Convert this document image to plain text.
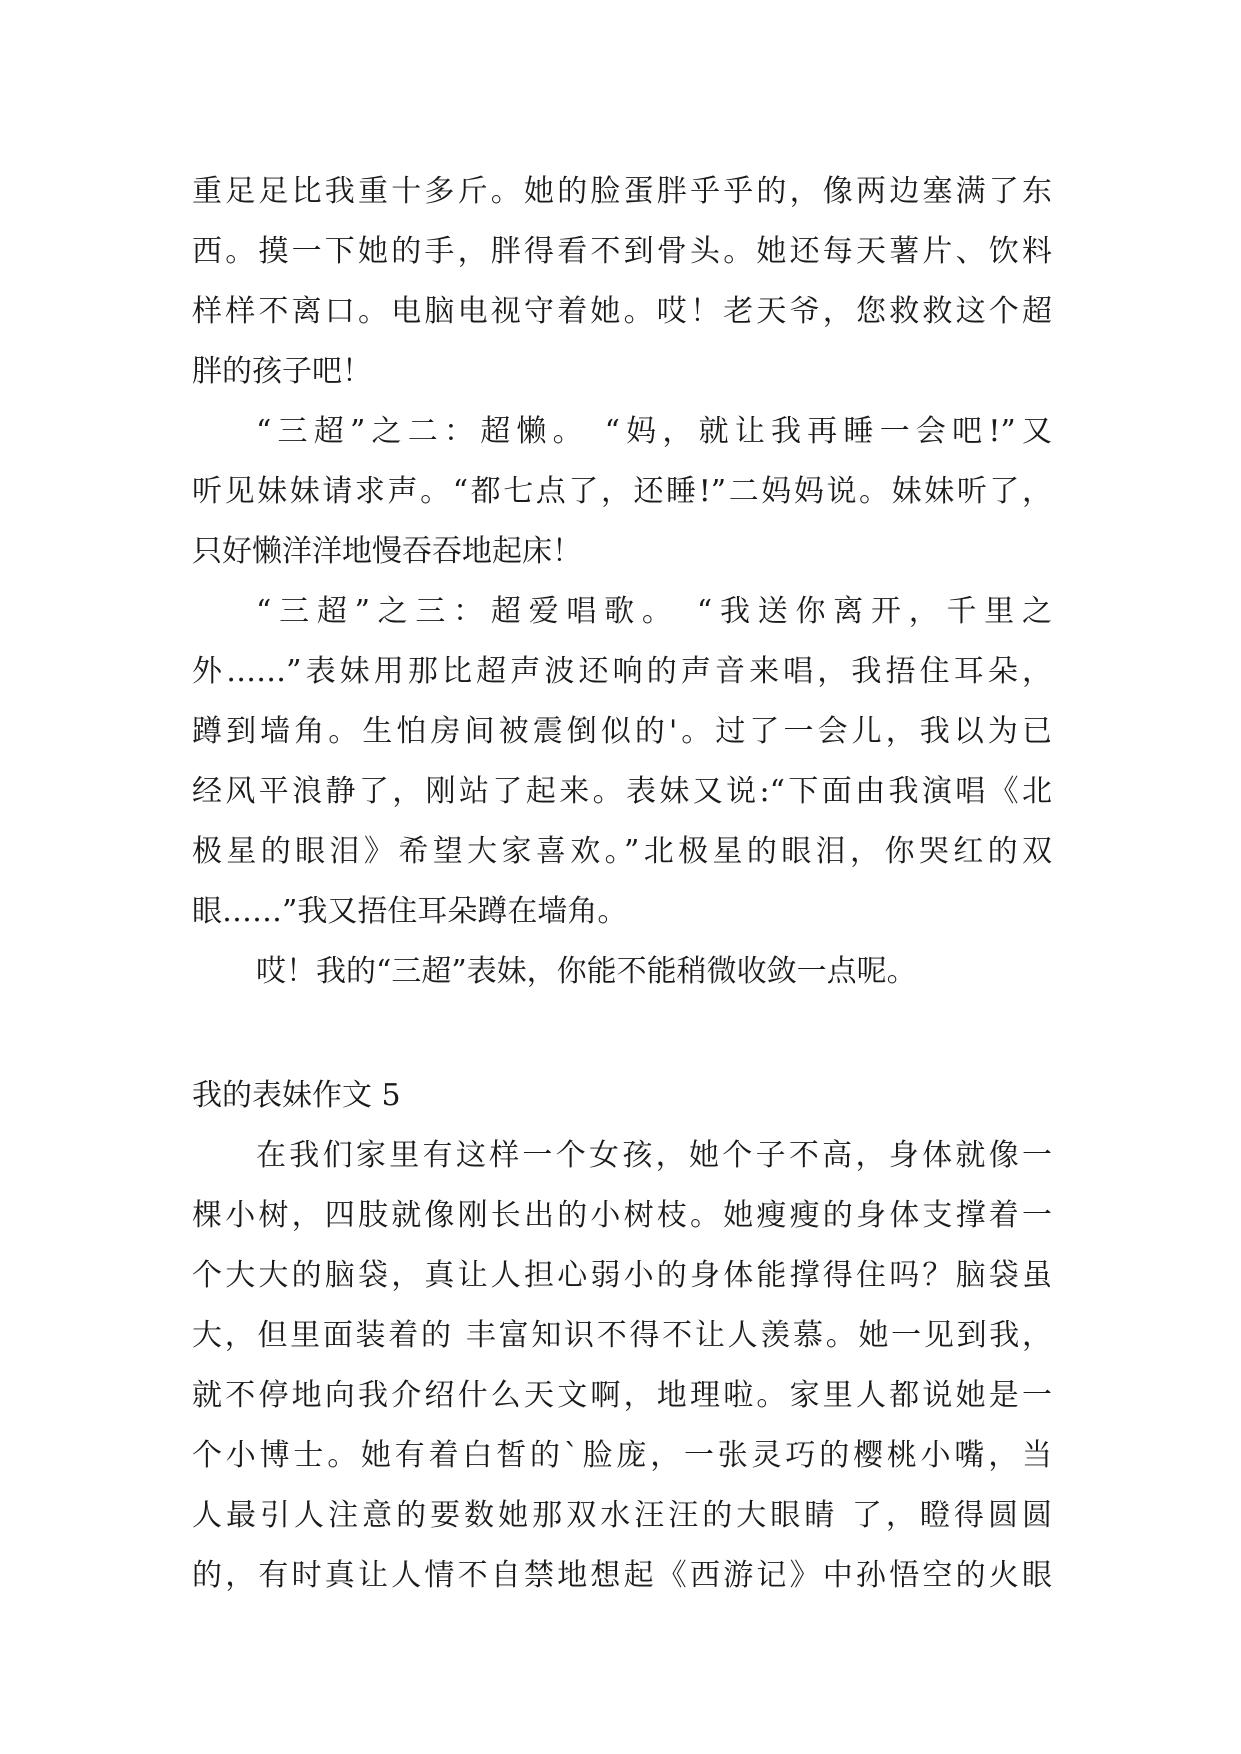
重足足比我重十多斤。她的脸蛋胖乎乎的，像两边塞满了东
西。摸一下她的手，胖得看不到骨头。她还每天薯片、饮料
样样不离口。电脑电视守着她。哎！老天爷，您救救这个超
胖的孩子吧！
“三超”之二：超懒。 “妈，就让我再睡一会吧!”又
听见妹妹请求声。“都七点了，还睡!”二妈妈说。妹妹听了，
只好懒洋洋地慢吞吞地起床！
“三超”之三：超爱唱歌。 “我送你离开，千里之
外……”表妹用那比超声波还响的声音来唱，我捂住耳朵，
蹲到墙角。生怕房间被震倒似的'。过了一会儿，我以为已
经风平浪静了，刚站了起来。表妹又说:“下面由我演唱《北
极星的眼泪》希望大家喜欢。”北极星的眼泪，你哭红的双
眼……”我又捂住耳朵蹲在墙角。
哎！我的“三超”表妹，你能不能稍微收敛一点呢。
我的表妹作文 5
在我们家里有这样一个女孩，她个子不高，身体就像一
棵小树，四肢就像刚长出的小树枝。她瘦瘦的身体支撑着一
个大大的脑袋，真让人担心弱小的身体能撑得住吗？脑袋虽
大，但里面装着的 丰富知识不得不让人羡慕。她一见到我，
就不停地向我介绍什么天文啊，地理啦。家里人都说她是一
个小博士。她有着白皙的`脸庞，一张灵巧的樱桃小嘴，当
人最引人注意的要数她那双水汪汪的大眼睛 了，瞪得圆圆
的，有时真让人情不自禁地想起《西游记》中孙悟空的火眼
